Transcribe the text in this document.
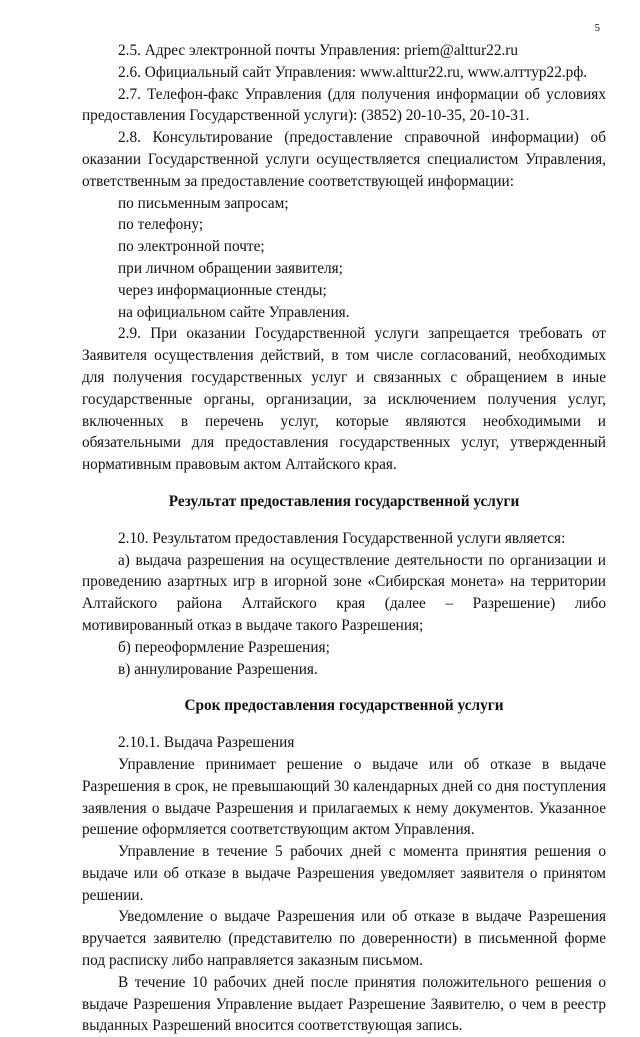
5

2.5. Адрес электронной почты Управления: priem@alttur22.ru

2.6. Официальный сайт Управления: www.alttur22.ru, www.алттур22.рф.

2.7. Телефон-факс Управления (для получения информации об условиях предоставления Государственной услуги): (3852) 20-10-35, 20-10-31.

2.8. Консультирование (предоставление справочной информации) об оказании Государственной услуги осуществляется специалистом Управления, ответственным за предоставление соответствующей информации:

по письменным запросам;

по телефону;

по электронной почте;

при личном обращении заявителя;

через информационные стенды;

на официальном сайте Управления.

2.9. При оказании Государственной услуги запрещается требовать от Заявителя осуществления действий, в том числе согласований, необходимых для получения государственных услуг и связанных с обращением в иные государственные органы, организации, за исключением получения услуг, включенных в перечень услуг, которые являются необходимыми и обязательными для предоставления государственных услуг, утвержденный нормативным правовым актом Алтайского края.

Результат предоставления государственной услуги

2.10. Результатом предоставления Государственной услуги является:

а) выдача разрешения на осуществление деятельности по организации и проведению азартных игр в игорной зоне «Сибирская монета» на территории Алтайского района Алтайского края (далее – Разрешение) либо мотивированный отказ в выдаче такого Разрешения;

б) переоформление Разрешения;

в) аннулирование Разрешения.

Срок предоставления государственной услуги

2.10.1. Выдача Разрешения

Управление принимает решение о выдаче или об отказе в выдаче Разрешения в срок, не превышающий 30 календарных дней со дня поступления заявления о выдаче Разрешения и прилагаемых к нему документов. Указанное решение оформляется соответствующим актом Управления.

Управление в течение 5 рабочих дней с момента принятия решения о выдаче или об отказе в выдаче Разрешения уведомляет заявителя о принятом решении.

Уведомление о выдаче Разрешения или об отказе в выдаче Разрешения вручается заявителю (представителю по доверенности) в письменной форме под расписку либо направляется заказным письмом.

В течение 10 рабочих дней после принятия положительного решения о выдаче Разрешения Управление выдает Разрешение Заявителю, о чем в реестр выданных Разрешений вносится соответствующая запись.
